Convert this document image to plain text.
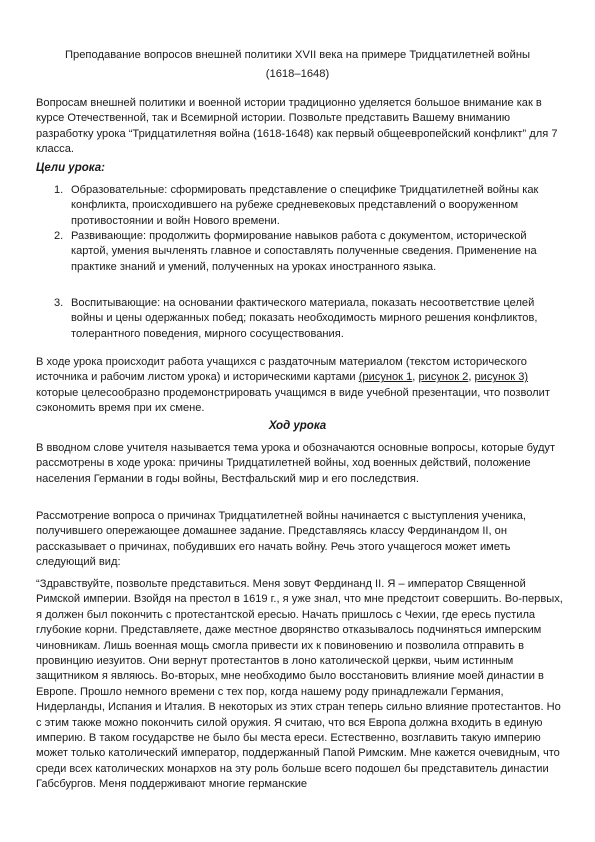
Преподавание вопросов внешней политики XVII века на примере Тридцатилетней войны
(1618–1648)

Вопросам внешней политики и военной истории традиционно уделяется большое внимание как в курсе Отечественной, так и Всемирной истории. Позвольте представить Вашему вниманию разработку урока “Тридцатилетняя война (1618-1648) как первый общеевропейский конфликт” для 7 класса.

Цели урока:

1. Образовательные: сформировать представление о специфике Тридцатилетней войны как конфликта, происходившего на рубеже средневековых представлений о вооруженном противостоянии и войн Нового времени.
2. Развивающие: продолжить формирование навыков работа с документом, исторической картой, умения вычленять главное и сопоставлять полученные сведения. Применение на практике знаний и умений, полученных на уроках иностранного языка.
3. Воспитывающие: на основании фактического материала, показать несоответствие целей войны и цены одержанных побед; показать необходимость мирного решения конфликтов, толерантного поведения, мирного сосуществования.

В ходе урока происходит работа учащихся с раздаточным материалом (текстом исторического источника и рабочим листом урока) и историческими картами (рисунок 1, рисунок 2, рисунок 3) которые целесообразно продемонстрировать учащимся в виде учебной презентации, что позволит сэкономить время при их смене.

Ход урока

В вводном слове учителя называется тема урока и обозначаются основные вопросы, которые будут рассмотрены в ходе урока: причины Тридцатилетней войны, ход военных действий, положение населения Германии в годы войны, Вестфальский мир и его последствия.

Рассмотрение вопроса о причинах Тридцатилетней войны начинается с выступления ученика, получившего опережающее домашнее задание. Представляясь классу Фердинандом II, он рассказывает о причинах, побудивших его начать войну. Речь этого учащегося может иметь следующий вид:

“Здравствуйте, позвольте представиться. Меня зовут Фердинанд II. Я – император Священной Римской империи. Взойдя на престол в 1619 г., я уже знал, что мне предстоит совершить. Во-первых, я должен был покончить с протестантской ересью. Начать пришлось с Чехии, где ересь пустила глубокие корни. Представляете, даже местное дворянство отказывалось подчиняться имперским чиновникам. Лишь военная мощь смогла привести их к повиновению и позволила отправить в провинцию иезуитов. Они вернут протестантов в лоно католической церкви, чьим истинным защитником я являюсь. Во-вторых, мне необходимо было восстановить влияние моей династии в Европе. Прошло немного времени с тех пор, когда нашему роду принадлежали Германия, Нидерланды, Испания и Италия. В некоторых из этих стран теперь сильно влияние протестантов. Но с этим также можно покончить силой оружия. Я считаю, что вся Европа должна входить в единую империю. В таком государстве не было бы места ереси. Естественно, возглавить такую империю может только католический император, поддержанный Папой Римским. Мне кажется очевидным, что среди всех католических монархов на эту роль больше всего подошел бы представитель династии Габсбургов. Меня поддерживают многие германские
